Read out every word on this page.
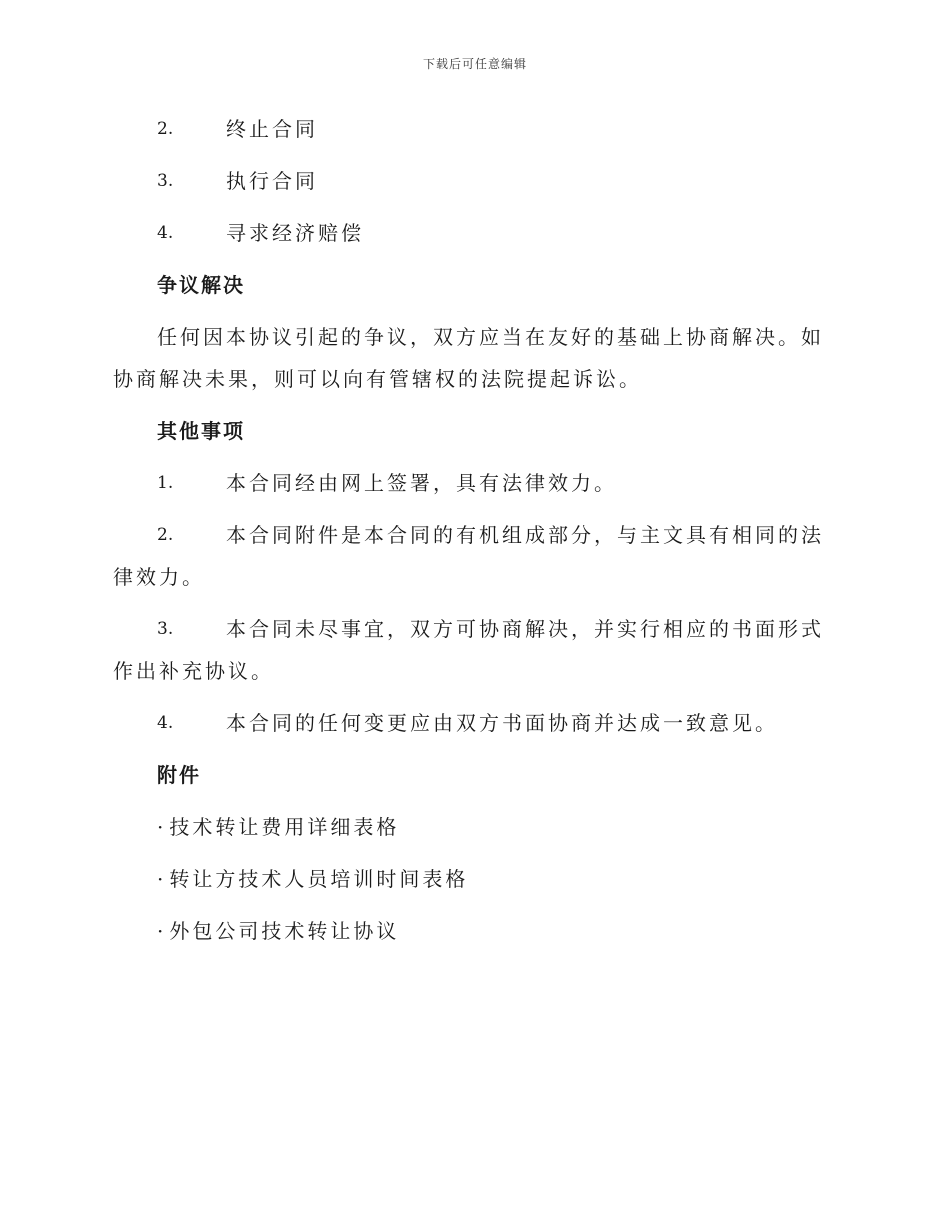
下载后可任意编辑
2.	终止合同
3.	执行合同
4.	寻求经济赔偿
争议解决
任何因本协议引起的争议，双方应当在友好的基础上协商解决。如协商解决未果，则可以向有管辖权的法院提起诉讼。
其他事项
1.	本合同经由网上签署，具有法律效力。
2.	本合同附件是本合同的有机组成部分，与主文具有相同的法律效力。
3.	本合同未尽事宜，双方可协商解决，并实行相应的书面形式作出补充协议。
4.	本合同的任何变更应由双方书面协商并达成一致意见。
附件
· 技术转让费用详细表格
· 转让方技术人员培训时间表格
· 外包公司技术转让协议
